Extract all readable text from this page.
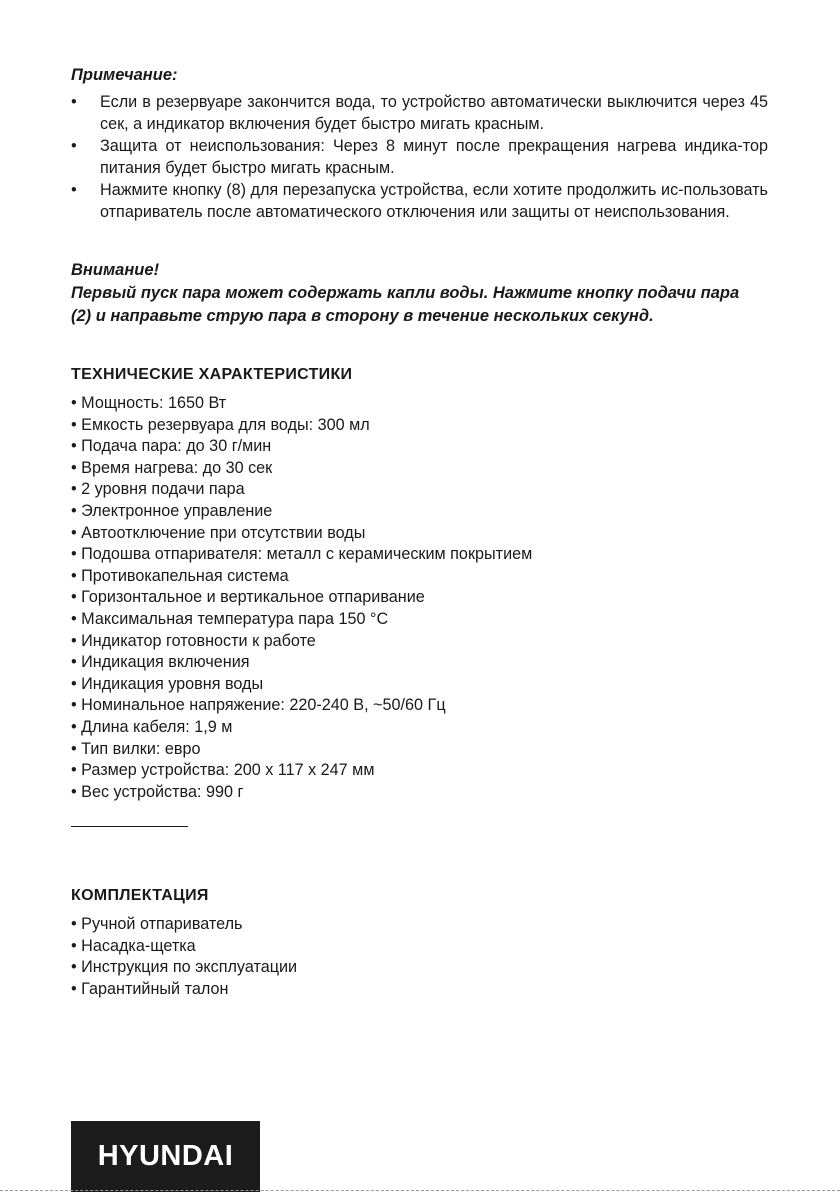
Примечание:
• Если в резервуаре закончится вода, то устройство автоматически выключится через 45 сек, а индикатор включения будет быстро мигать красным.
• Защита от неиспользования: Через 8 минут после прекращения нагрева индика-тор питания будет быстро мигать красным.
• Нажмите кнопку (8) для перезапуска устройства, если хотите продолжить ис-пользовать отпариватель после автоматического отключения или защиты от неиспользования.
Внимание!
Первый пуск пара может содержать капли воды. Нажмите кнопку подачи пара
(2) и направьте струю пара в сторону в течение нескольких секунд.
ТЕХНИЧЕСКИЕ ХАРАКТЕРИСТИКИ
• Мощность: 1650 Вт
• Емкость резервуара для воды: 300 мл
• Подача пара: до 30 г/мин
• Время нагрева: до 30 сек
• 2 уровня подачи пара
• Электронное управление
• Автоотключение при отсутствии воды
• Подошва отпаривателя: металл с керамическим покрытием
• Противокапельная система
• Горизонтальное и вертикальное отпаривание
• Максимальная температура пара 150 °С
• Индикатор готовности к работе
• Индикация включения
• Индикация уровня воды
• Номинальное напряжение: 220-240 В, ~50/60 Гц
• Длина кабеля: 1,9 м
• Тип вилки: евро
• Размер устройства: 200 x 117 x 247 мм
• Вес устройства: 990 г
КОМПЛЕКТАЦИЯ
• Ручной отпариватель
• Насадка-щетка
• Инструкция по эксплуатации
• Гарантийный талон
HYUNDAI
